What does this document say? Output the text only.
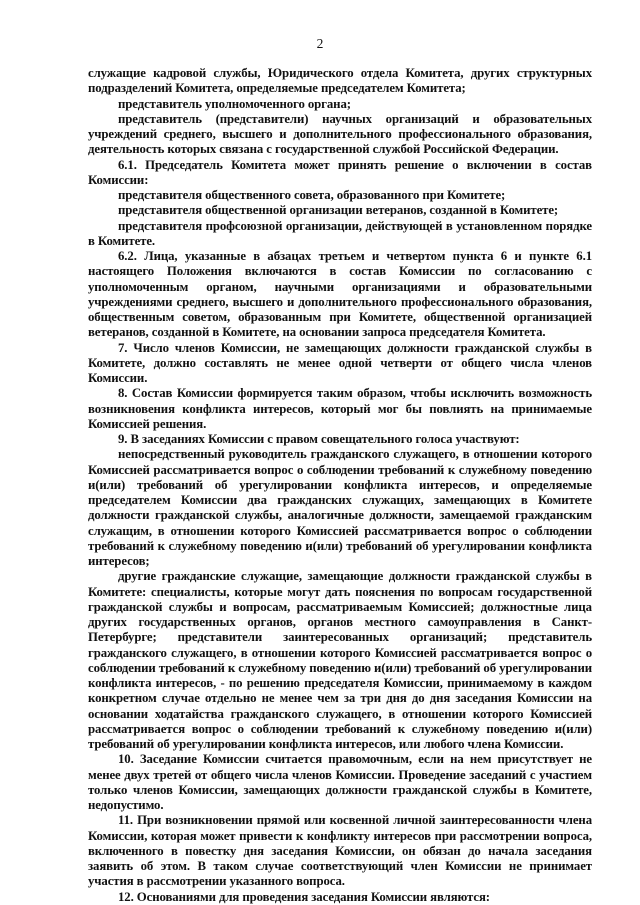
2

служащие кадровой службы, Юридического отдела Комитета, других структурных подразделений Комитета, определяемые председателем Комитета;

представитель уполномоченного органа;

представитель (представители) научных организаций и образовательных учреждений среднего, высшего и дополнительного профессионального образования, деятельность которых связана с государственной службой Российской Федерации.

6.1. Председатель Комитета может принять решение о включении в состав Комиссии:

представителя общественного совета, образованного при Комитете;

представителя общественной организации ветеранов, созданной в Комитете;

представителя профсоюзной организации, действующей в установленном порядке в Комитете.

6.2. Лица, указанные в абзацах третьем и четвертом пункта 6 и пункте 6.1 настоящего Положения включаются в состав Комиссии по согласованию с уполномоченным органом, научными организациями и образовательными учреждениями среднего, высшего и дополнительного профессионального образования, общественным советом, образованным при Комитете, общественной организацией ветеранов, созданной в Комитете, на основании запроса председателя Комитета.

7. Число членов Комиссии, не замещающих должности гражданской службы в Комитете, должно составлять не менее одной четверти от общего числа членов Комиссии.

8. Состав Комиссии формируется таким образом, чтобы исключить возможность возникновения конфликта интересов, который мог бы повлиять на принимаемые Комиссией решения.

9. В заседаниях Комиссии с правом совещательного голоса участвуют:

непосредственный руководитель гражданского служащего, в отношении которого Комиссией рассматривается вопрос о соблюдении требований к служебному поведению и(или) требований об урегулировании конфликта интересов, и определяемые председателем Комиссии два гражданских служащих, замещающих в Комитете должности гражданской службы, аналогичные должности, замещаемой гражданским служащим, в отношении которого Комиссией рассматривается вопрос о соблюдении требований к служебному поведению и(или) требований об урегулировании конфликта интересов;

другие гражданские служащие, замещающие должности гражданской службы в Комитете: специалисты, которые могут дать пояснения по вопросам государственной гражданской службы и вопросам, рассматриваемым Комиссией; должностные лица других государственных органов, органов местного самоуправления в Санкт-Петербурге; представители заинтересованных организаций; представитель гражданского служащего, в отношении которого Комиссией рассматривается вопрос о соблюдении требований к служебному поведению и(или) требований об урегулировании конфликта интересов, - по решению председателя Комиссии, принимаемому в каждом конкретном случае отдельно не менее чем за три дня до дня заседания Комиссии на основании ходатайства гражданского служащего, в отношении которого Комиссией рассматривается вопрос о соблюдении требований к служебному поведению и(или) требований об урегулировании конфликта интересов, или любого члена Комиссии.

10. Заседание Комиссии считается правомочным, если на нем присутствует не менее двух третей от общего числа членов Комиссии. Проведение заседаний с участием только членов Комиссии, замещающих должности гражданской службы в Комитете, недопустимо.

11. При возникновении прямой или косвенной личной заинтересованности члена Комиссии, которая может привести к конфликту интересов при рассмотрении вопроса, включенного в повестку дня заседания Комиссии, он обязан до начала заседания заявить об этом. В таком случае соответствующий член Комиссии не принимает участия в рассмотрении указанного вопроса.

12. Основаниями для проведения заседания Комиссии являются:
